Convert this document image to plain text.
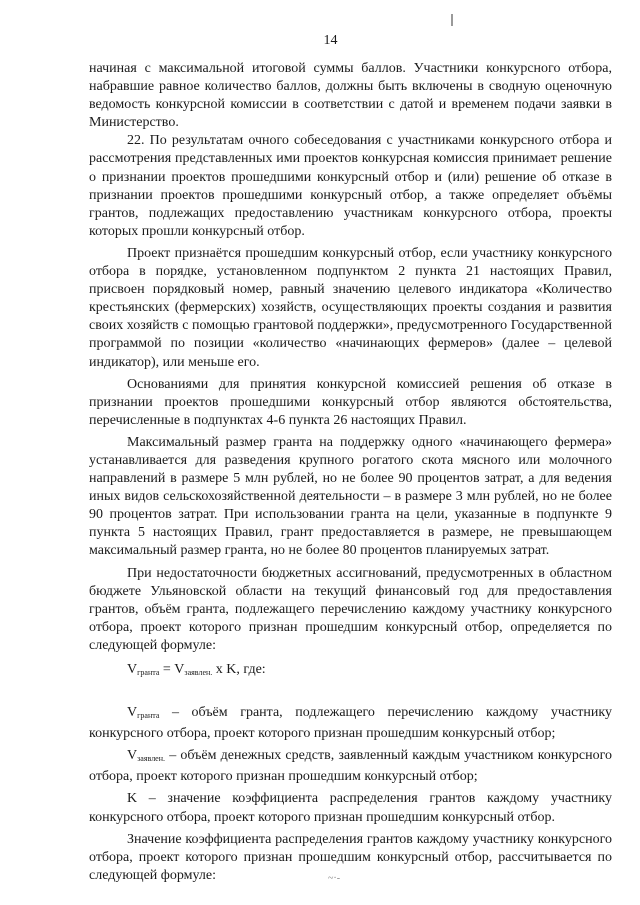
14

начиная с максимальной итоговой суммы баллов. Участники конкурсного отбора, набравшие равное количество баллов, должны быть включены в сводную оценочную ведомость конкурсной комиссии в соответствии с датой и временем подачи заявки в Министерство.

22. По результатам очного собеседования с участниками конкурсного отбора и рассмотрения представленных ими проектов конкурсная комиссия принимает решение о признании проектов прошедшими конкурсный отбор и (или) решение об отказе в признании проектов прошедшими конкурсный отбор, а также определяет объёмы грантов, подлежащих предоставлению участникам конкурсного отбора, проекты которых прошли конкурсный отбор.

Проект признаётся прошедшим конкурсный отбор, если участнику конкурсного отбора в порядке, установленном подпунктом 2 пункта 21 настоящих Правил, присвоен порядковый номер, равный значению целевого индикатора «Количество крестьянских (фермерских) хозяйств, осуществляющих проекты создания и развития своих хозяйств с помощью грантовой поддержки», предусмотренного Государственной программой по позиции «количество «начинающих фермеров» (далее – целевой индикатор), или меньше его.

Основаниями для принятия конкурсной комиссией решения об отказе в признании проектов прошедшими конкурсный отбор являются обстоятельства, перечисленные в подпунктах 4-6 пункта 26 настоящих Правил.

Максимальный размер гранта на поддержку одного «начинающего фермера» устанавливается для разведения крупного рогатого скота мясного или молочного направлений в размере 5 млн рублей, но не более 90 процентов затрат, а для ведения иных видов сельскохозяйственной деятельности – в размере 3 млн рублей, но не более 90 процентов затрат. При использовании гранта на цели, указанные в подпункте 9 пункта 5 настоящих Правил, грант предоставляется в размере, не превышающем максимальный размер гранта, но не более 80 процентов планируемых затрат.

При недостаточности бюджетных ассигнований, предусмотренных в областном бюджете Ульяновской области на текущий финансовый год для предоставления грантов, объём гранта, подлежащего перечислению каждому участнику конкурсного отбора, проект которого признан прошедшим конкурсный отбор, определяется по следующей формуле:

$V_{гранта} = V_{заявлен.}$ x K, где:

$V_{гранта}$ – объём гранта, подлежащего перечислению каждому участнику конкурсного отбора, проект которого признан прошедшим конкурсный отбор;

$V_{заявлен.}$ – объём денежных средств, заявленный каждым участником конкурсного отбора, проект которого признан прошедшим конкурсный отбор;

K – значение коэффициента распределения грантов каждому участнику конкурсного отбора, проект которого признан прошедшим конкурсный отбор.

Значение коэффициента распределения грантов каждому участнику конкурсного отбора, проект которого признан прошедшим конкурсный отбор, рассчитывается по следующей формуле:	~·-
